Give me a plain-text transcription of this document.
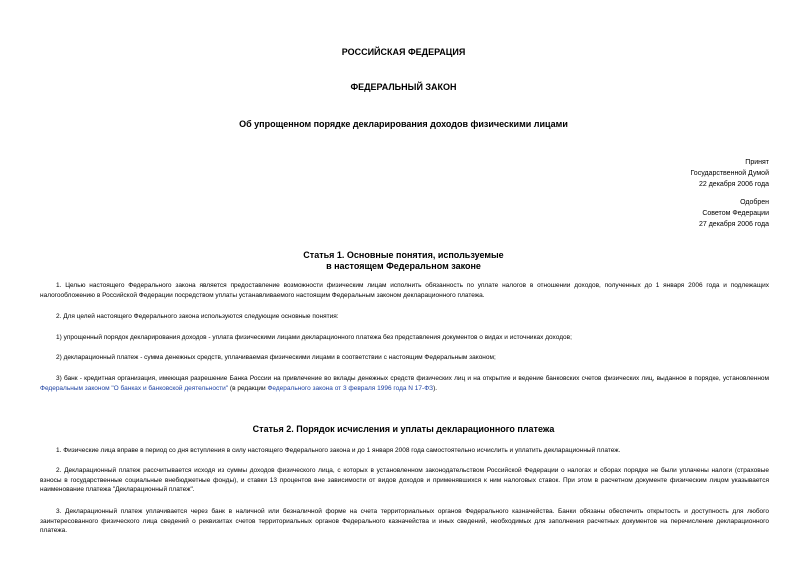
РОССИЙСКАЯ ФЕДЕРАЦИЯ
ФЕДЕРАЛЬНЫЙ ЗАКОН
Об упрощенном порядке декларирования доходов физическими лицами
Принят
Государственной Думой
22 декабря 2006 года
Одобрен
Советом Федерации
27 декабря 2006 года
Статья 1. Основные понятия, используемые
в настоящем Федеральном законе

1. Целью настоящего Федерального закона является предоставление возможности физическим лицам исполнить обязанность по уплате налогов в отношении доходов, полученных до 1 января 2006 года и подлежащих налогообложению в Российской Федерации посредством уплаты устанавливаемого настоящим Федеральным законом декларационного платежа.

2. Для целей настоящего Федерального закона используются следующие основные понятия:

1) упрощенный порядок декларирования доходов - уплата физическими лицами декларационного платежа без представления документов о видах и источниках доходов;

2) декларационный платеж - сумма денежных средств, уплачиваемая физическими лицами в соответствии с настоящим Федеральным законом;

3) банк - кредитная организация, имеющая разрешение Банка России на привлечение во вклады денежных средств физических лиц и на открытие и ведение банковских счетов физических лиц, выданное в порядке, установленном Федеральным законом "О банках и банковской деятельности" (в редакции Федерального закона от 3 февраля 1996 года N 17-ФЗ).

Статья 2. Порядок исчисления и уплаты декларационного платежа

1. Физические лица вправе в период со дня вступления в силу настоящего Федерального закона и до 1 января 2008 года самостоятельно исчислить и уплатить декларационный платеж.

2. Декларационный платеж рассчитывается исходя из суммы доходов физического лица, с которых в установленном законодательством Российской Федерации о налогах и сборах порядке не были уплачены налоги (страховые взносы в государственные социальные внебюджетные фонды), и ставки 13 процентов вне зависимости от видов доходов и применявшихся к ним налоговых ставок. При этом в расчетном документе физическим лицом указывается наименование платежа "Декларационный платеж".

3. Декларационный платеж уплачивается через банк в наличной или безналичной форме на счета территориальных органов Федерального казначейства. Банки обязаны обеспечить открытость и доступность для любого заинтересованного физического лица сведений о реквизитах счетов территориальных органов Федерального казначейства и иных сведений, необходимых для заполнения расчетных документов на перечисление декларационного платежа.
